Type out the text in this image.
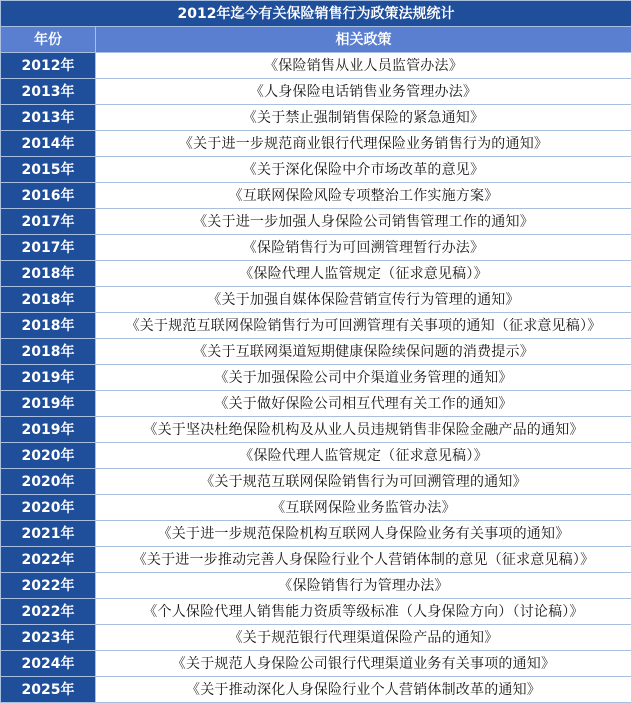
2012年迄今有关保险销售行为政策法规统计	
年份	相关政策
2012年	《保险销售从业人员监管办法》
2013年	《人身保险电话销售业务管理办法》
2013年	《关于禁止强制销售保险的紧急通知》
2014年	《关于进一步规范商业银行代理保险业务销售行为的通知》
2015年	《关于深化保险中介市场改革的意见》
2016年	《互联网保险风险专项整治工作实施方案》
2017年	《关于进一步加强人身保险公司销售管理工作的通知》
2017年	《保险销售行为可回溯管理暂行办法》
2018年	《保险代理人监管规定（征求意见稿）》
2018年	《关于加强自媒体保险营销宣传行为管理的通知》
2018年	《关于规范互联网保险销售行为可回溯管理有关事项的通知（征求意见稿）》
2018年	《关于互联网渠道短期健康保险续保问题的消费提示》
2019年	《关于加强保险公司中介渠道业务管理的通知》
2019年	《关于做好保险公司相互代理有关工作的通知》
2019年	《关于坚决杜绝保险机构及从业人员违规销售非保险金融产品的通知》
2020年	《保险代理人监管规定（征求意见稿）》
2020年	《关于规范互联网保险销售行为可回溯管理的通知》
2020年	《互联网保险业务监管办法》
2021年	《关于进一步规范保险机构互联网人身保险业务有关事项的通知》
2022年	《关于进一步推动完善人身保险行业个人营销体制的意见（征求意见稿）》
2022年	《保险销售行为管理办法》
2022年	《个人保险代理人销售能力资质等级标准（人身保险方向）（讨论稿）》
2023年	《关于规范银行代理渠道保险产品的通知》
2024年	《关于规范人身保险公司银行代理渠道业务有关事项的通知》
2025年	《关于推动深化人身保险行业个人营销体制改革的通知》
